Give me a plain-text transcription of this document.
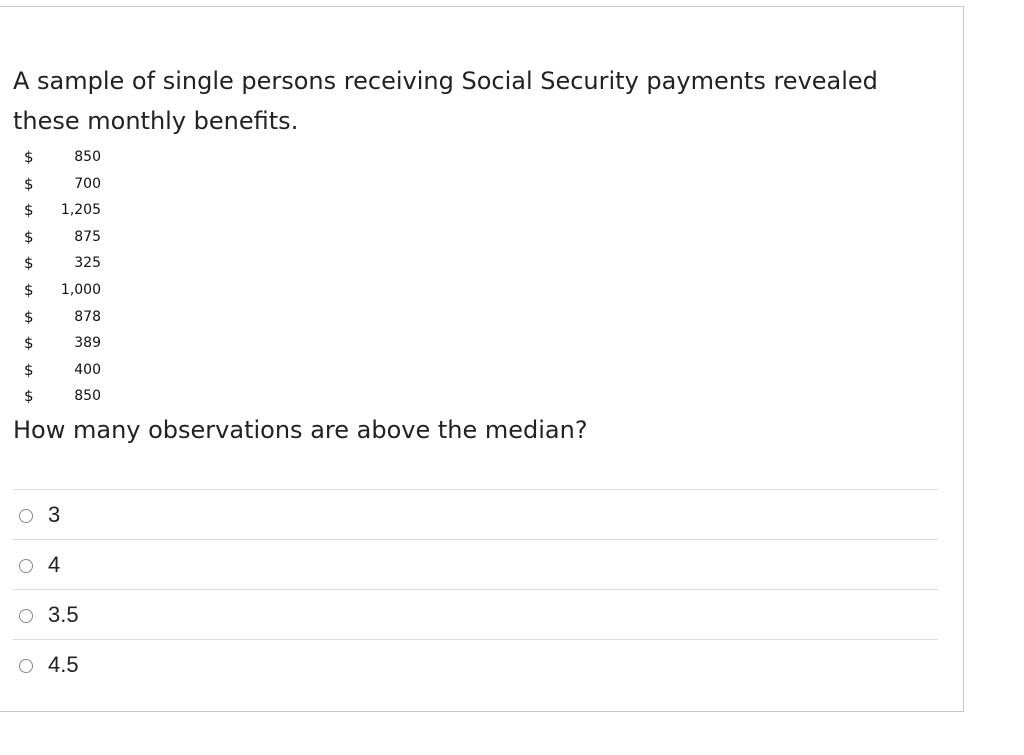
A sample of single persons receiving Social Security payments revealed these monthly benefits.
$	850
$	700
$ 1,205
$	875
$	325
$ 1,000
$	878
$	389
$	400
$	850
How many observations are above the median?
3
4
3.5
4.5
